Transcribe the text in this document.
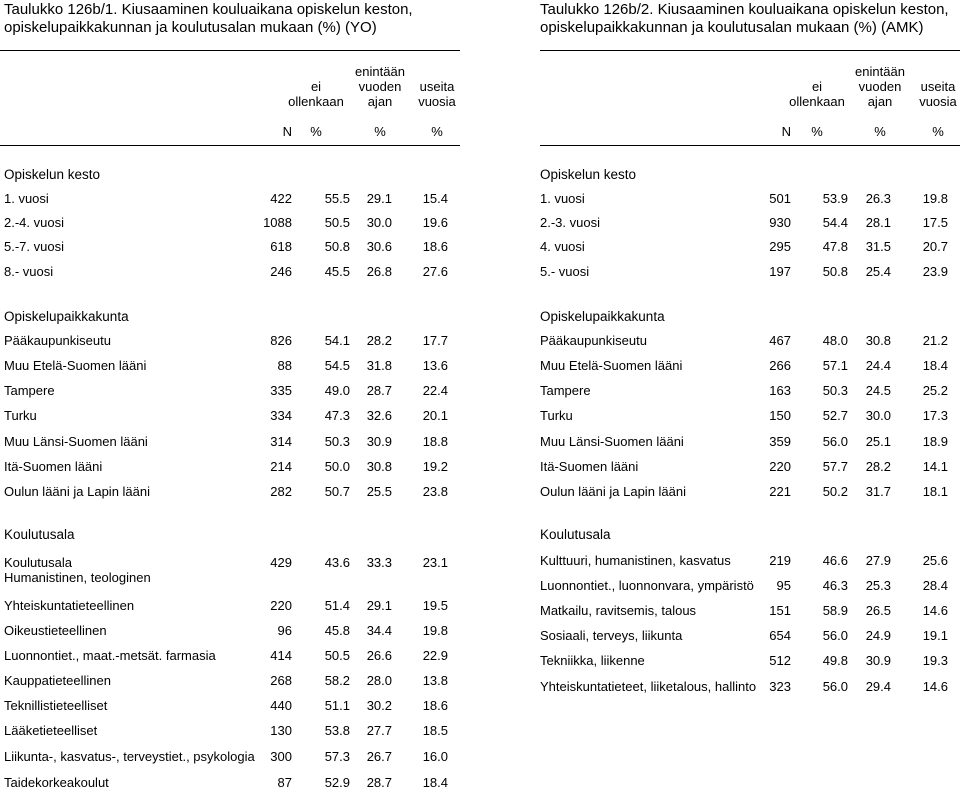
Taulukko 126b/1. Kiusaaminen kouluaikana opiskelun keston,
opiskelupaikkakunnan ja koulutusalan mukaan (%) (YO)
ei
ollenkaan
enintään
vuoden
ajan
useita
vuosia
N	%	%	%
Opiskelun kesto
1. vuosi	422	55.5	29.1	15.4
2.-4. vuosi	1088	50.5	30.0	19.6
5.-7. vuosi	618	50.8	30.6	18.6
8.- vuosi	246	45.5	26.8	27.6
Opiskelupaikkakunta
Pääkaupunkiseutu	826	54.1	28.2	17.7
Muu Etelä-Suomen lääni	88	54.5	31.8	13.6
Tampere	335	49.0	28.7	22.4
Turku	334	47.3	32.6	20.1
Muu Länsi-Suomen lääni	314	50.3	30.9	18.8
Itä-Suomen lääni	214	50.0	30.8	19.2
Oulun lääni ja Lapin lääni	282	50.7	25.5	23.8
Koulutusala
Koulutusala	429	43.6	33.3	23.1
Humanistinen, teologinen
Yhteiskuntatieteellinen	220	51.4	29.1	19.5
Oikeustieteellinen	96	45.8	34.4	19.8
Luonnontiet., maat.-metsät. farmasia	414	50.5	26.6	22.9
Kauppatieteellinen	268	58.2	28.0	13.8
Teknillistieteelliset	440	51.1	30.2	18.6
Lääketieteelliset	130	53.8	27.7	18.5
Liikunta-, kasvatus-, terveystiet., psykologia	300	57.3	26.7	16.0
Taidekorkeakoulut	87	52.9	28.7	18.4
Taulukko 126b/2. Kiusaaminen kouluaikana opiskelun keston,
opiskelupaikkakunnan ja koulutusalan mukaan (%) (AMK)
ei
ollenkaan
enintään
vuoden
ajan
useita
vuosia
N	%	%	%
Opiskelun kesto
1. vuosi	501	53.9	26.3	19.8
2.-3. vuosi	930	54.4	28.1	17.5
4. vuosi	295	47.8	31.5	20.7
5.- vuosi	197	50.8	25.4	23.9
Opiskelupaikkakunta
Pääkaupunkiseutu	467	48.0	30.8	21.2
Muu Etelä-Suomen lääni	266	57.1	24.4	18.4
Tampere	163	50.3	24.5	25.2
Turku	150	52.7	30.0	17.3
Muu Länsi-Suomen lääni	359	56.0	25.1	18.9
Itä-Suomen lääni	220	57.7	28.2	14.1
Oulun lääni ja Lapin lääni	221	50.2	31.7	18.1
Koulutusala
Kulttuuri, humanistinen, kasvatus	219	46.6	27.9	25.6
Luonnontiet., luonnonvara, ympäristö	95	46.3	25.3	28.4
Matkailu, ravitsemis, talous	151	58.9	26.5	14.6
Sosiaali, terveys, liikunta	654	56.0	24.9	19.1
Tekniikka, liikenne	512	49.8	30.9	19.3
Yhteiskuntatieteet, liiketalous, hallinto	323	56.0	29.4	14.6
